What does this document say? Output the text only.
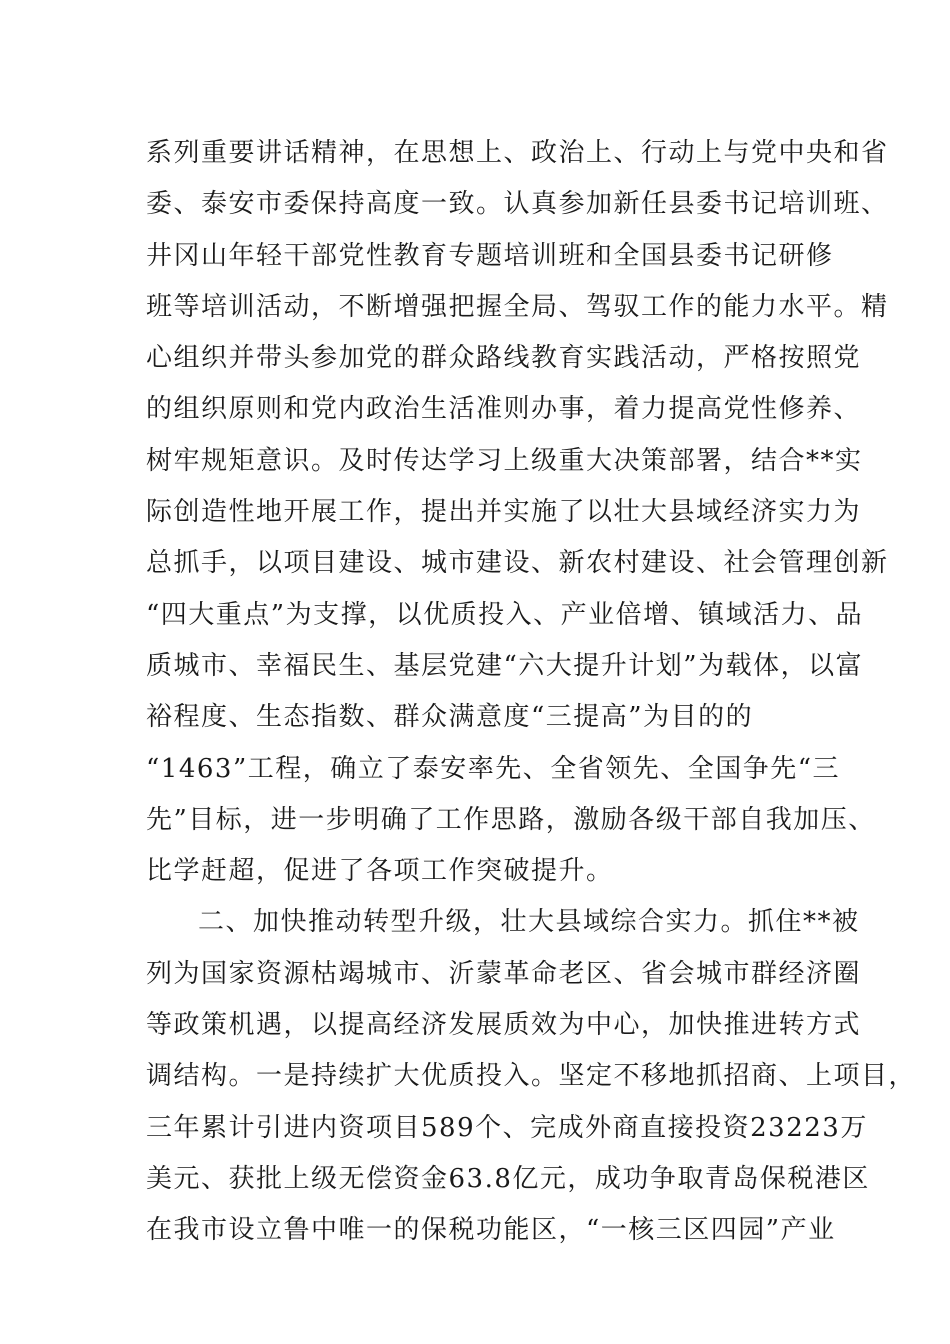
系列重要讲话精神，在思想上、政治上、行动上与党中央和省
委、泰安市委保持高度一致。认真参加新任县委书记培训班、
井冈山年轻干部党性教育专题培训班和全国县委书记研修
班等培训活动，不断增强把握全局、驾驭工作的能力水平。精
心组织并带头参加党的群众路线教育实践活动，严格按照党
的组织原则和党内政治生活准则办事，着力提高党性修养、
树牢规矩意识。及时传达学习上级重大决策部署，结合**实
际创造性地开展工作，提出并实施了以壮大县域经济实力为
总抓手，以项目建设、城市建设、新农村建设、社会管理创新
“四大重点”为支撑，以优质投入、产业倍增、镇域活力、品
质城市、幸福民生、基层党建“六大提升计划”为载体，以富
裕程度、生态指数、群众满意度“三提高”为目的的
“1463”工程，确立了泰安率先、全省领先、全国争先“三
先”目标，进一步明确了工作思路，激励各级干部自我加压、
比学赶超，促进了各项工作突破提升。
二、加快推动转型升级，壮大县域综合实力。抓住**被
列为国家资源枯竭城市、沂蒙革命老区、省会城市群经济圈
等政策机遇，以提高经济发展质效为中心，加快推进转方式
调结构。一是持续扩大优质投入。坚定不移地抓招商、上项目，
三年累计引进内资项目589个、完成外商直接投资23223万
美元、获批上级无偿资金63.8亿元，成功争取青岛保税港区
在我市设立鲁中唯一的保税功能区，“一核三区四园”产业
